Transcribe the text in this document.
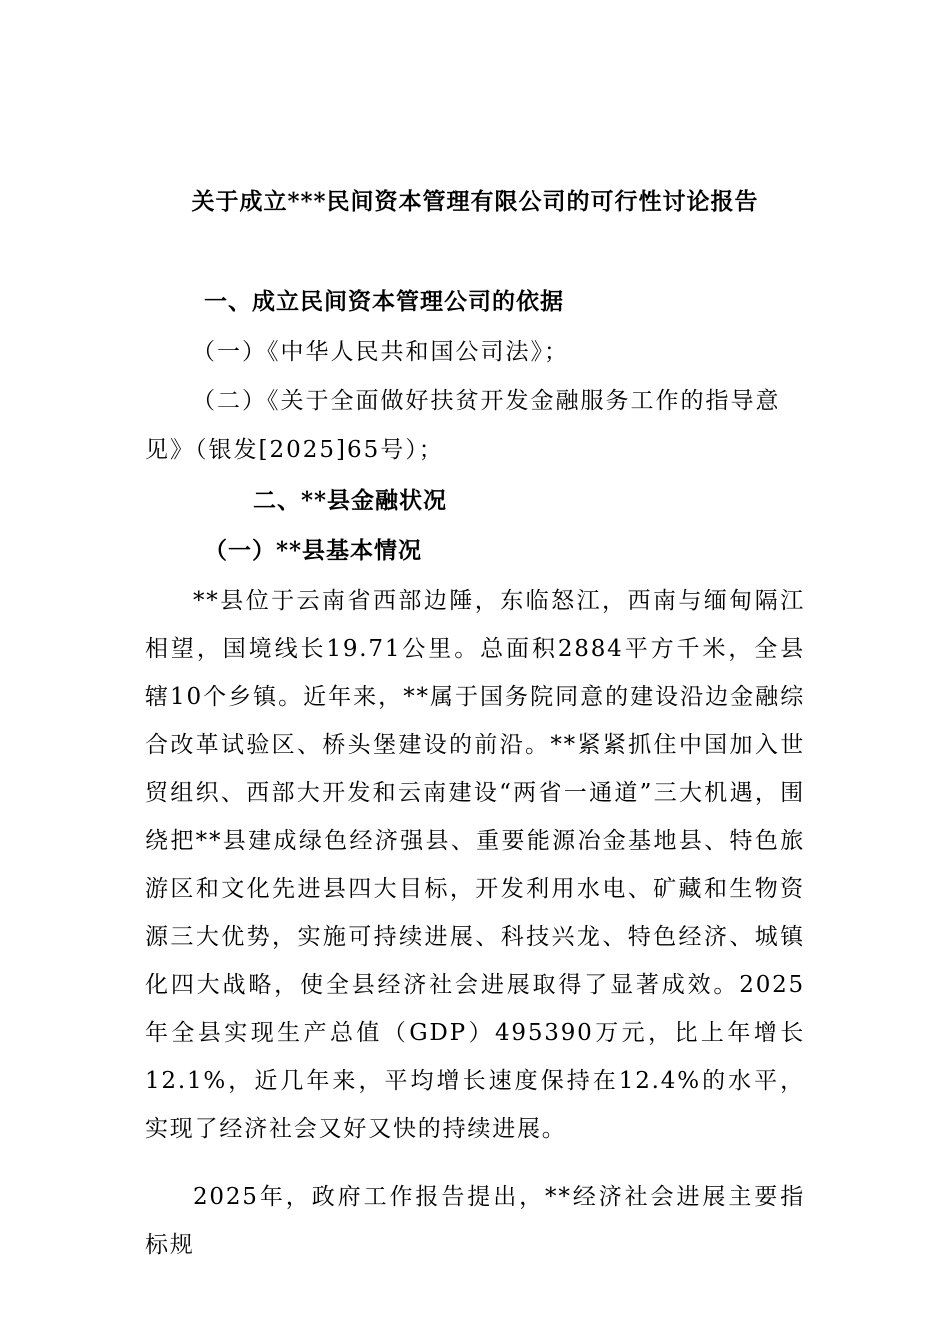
关于成立***民间资本管理有限公司的可行性讨论报告
一、成立民间资本管理公司的依据
（一）《中华人民共和国公司法》；
（二）《关于全面做好扶贫开发金融服务工作的指导意
见》（银发[2025]65号）；
二、**县金融状况
（一）**县基本情况
**县位于云南省西部边陲，东临怒江，西南与缅甸隔江相望，国境线长19.71公里。总面积2884平方千米，全县辖10个乡镇。近年来，**属于国务院同意的建设沿边金融综合改革试验区、桥头堡建设的前沿。**紧紧抓住中国加入世贸组织、西部大开发和云南建设“两省一通道”三大机遇，围绕把**县建成绿色经济强县、重要能源冶金基地县、特色旅游区和文化先进县四大目标，开发利用水电、矿藏和生物资源三大优势，实施可持续进展、科技兴龙、特色经济、城镇化四大战略，使全县经济社会进展取得了显著成效。2025年全县实现生产总值（GDP）495390万元，比上年增长12.1%，近几年来，平均增长速度保持在12.4%的水平，实现了经济社会又好又快的持续进展。
2025年，政府工作报告提出，**经济社会进展主要指标规
